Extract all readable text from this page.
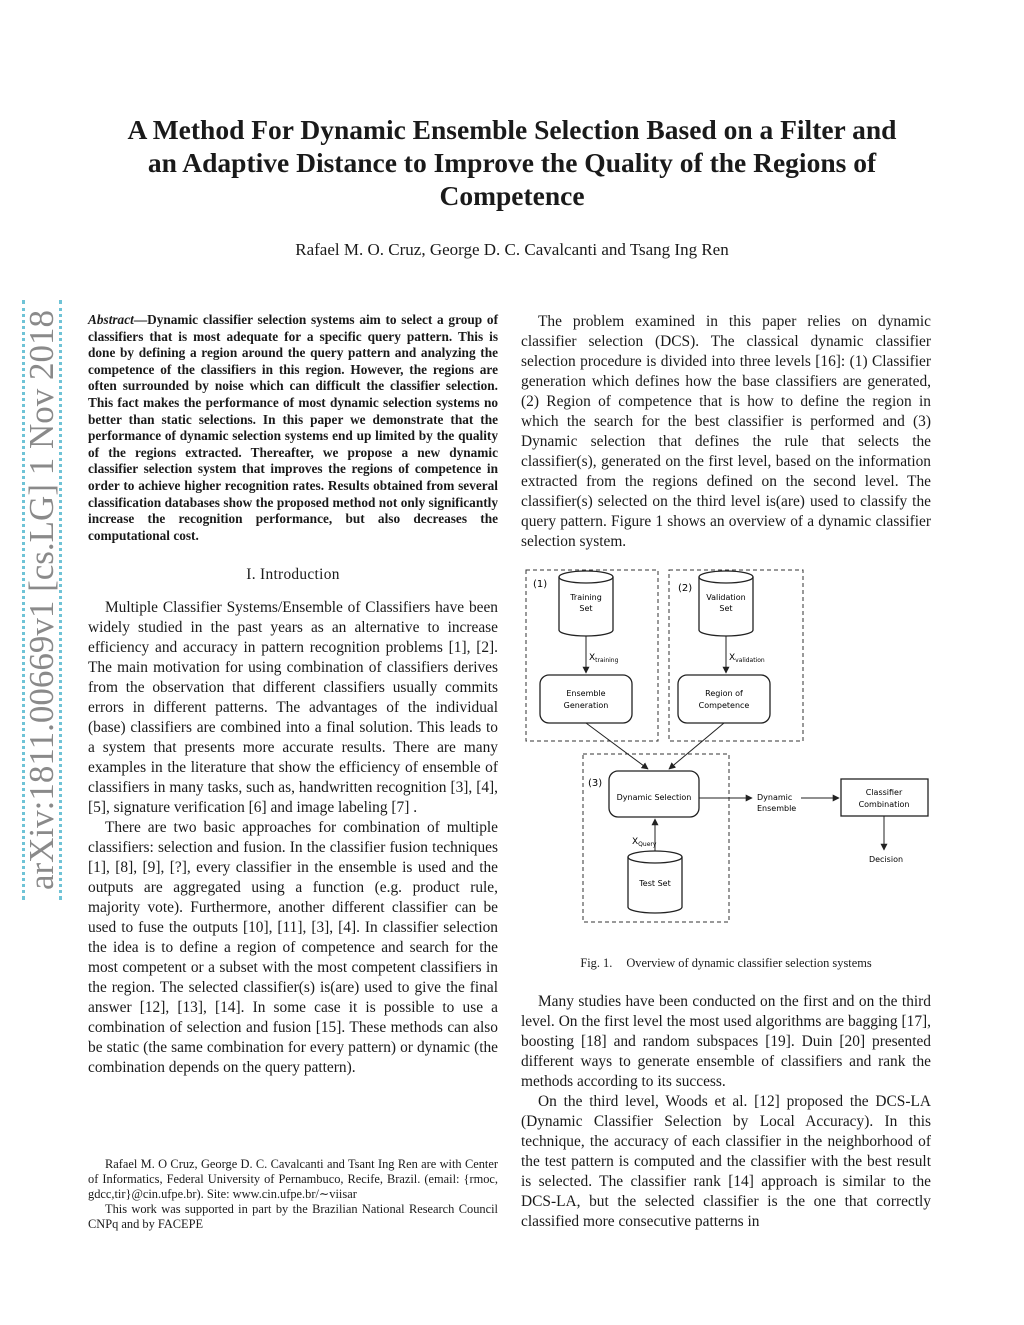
A Method For Dynamic Ensemble Selection Based on a Filter and
an Adaptive Distance to Improve the Quality of the Regions of
Competence
Rafael M. O. Cruz, George D. C. Cavalcanti and Tsang Ing Ren
arXiv:1811.00669v1 [cs.LG] 1 Nov 2018 Abstract—Dynamic classifier selection systems aim to select a group of classifiers that is most adequate for a specific query pattern. This is done by defining a region around the query pattern and analyzing the competence of the classifiers in this region. However, the regions are often surrounded by noise which can difficult the classifier selection. This fact makes the performance of most dynamic selection systems no better than static selections. In this paper we demonstrate that the performance of dynamic selection systems end up limited by the quality of the regions extracted. Thereafter, we propose a new dynamic classifier selection system that improves the regions of competence in order to achieve higher recognition rates. Results obtained from several classification databases show the proposed method not only significantly increase the recognition performance, but also decreases the computational cost.

I. Introduction

Multiple Classifier Systems/Ensemble of Classifiers have been widely studied in the past years as an alternative to increase efficiency and accuracy in pattern recognition problems [1], [2]. The main motivation for using combination of classifiers derives from the observation that different classifiers usually commits errors in different patterns. The advantages of the individual (base) classifiers are combined into a final solution. This leads to a system that presents more accurate results. There are many examples in the literature that show the efficiency of ensemble of classifiers in many tasks, such as, handwritten recognition [3], [4], [5], signature verification [6] and image labeling [7] .

There are two basic approaches for combination of multiple classifiers: selection and fusion. In the classifier fusion techniques [1], [8], [9], [?], every classifier in the ensemble is used and the outputs are aggregated using a function (e.g. product rule, majority vote). Furthermore, another different classifier can be used to fuse the outputs [10], [11], [3], [4]. In classifier selection the idea is to define a region of competence and search for the most competent or a subset with the most competent classifiers in the region. The selected classifier(s) is(are) used to give the final answer [12], [13], [14]. In some case it is possible to use a combination of selection and fusion [15]. These methods can also be static (the same combination for every pattern) or dynamic (the combination depends on the query pattern).

Rafael M. O Cruz, George D. C. Cavalcanti and Tsant Ing Ren are with Center of Informatics, Federal University of Pernambuco, Recife, Brazil. (email: {rmoc, gdcc,tir}@cin.ufpe.br). Site: www.cin.ufpe.br/∼viisar

This work was supported in part by the Brazilian National Research Council CNPq and by FACEPE

The problem examined in this paper relies on dynamic classifier selection (DCS). The classical dynamic classifier selection procedure is divided into three levels [16]: (1) Classifier generation which defines how the base classifiers are generated, (2) Region of competence that is how to define the region in which the search for the best classifier is performed and (3) Dynamic selection that defines the rule that selects the classifier(s), generated on the first level, based on the information extracted from the regions defined on the second level. The classifier(s) selected on the third level is(are) used to classify the query pattern. Figure 1 shows an overview of a dynamic classifier selection system.

(1)	(2)
(3)
Training
Set
Validation
Set
$X_{training}$	$X_{validation}$
Ensemble
Generation
Region of
Competence
Dynamic Selection	Dynamic
Ensemble
Classifier
Combination
Decision
Test Set
$X_{Query}$
Fig. 1. Overview of dynamic classifier selection systems

Many studies have been conducted on the first and on the third level. On the first level the most used algorithms are bagging [17], boosting [18] and random subspaces [19]. Duin [20] presented different ways to generate ensemble of classifiers and rank the methods according to its success.

On the third level, Woods et al. [12] proposed the DCS-LA (Dynamic Classifier Selection by Local Accuracy). In this technique, the accuracy of each classifier in the neighborhood of the test pattern is computed and the classifier with the best result is selected. The classifier rank [14] approach is similar to the DCS-LA, but the selected classifier is the one that correctly classified more consecutive patterns in
